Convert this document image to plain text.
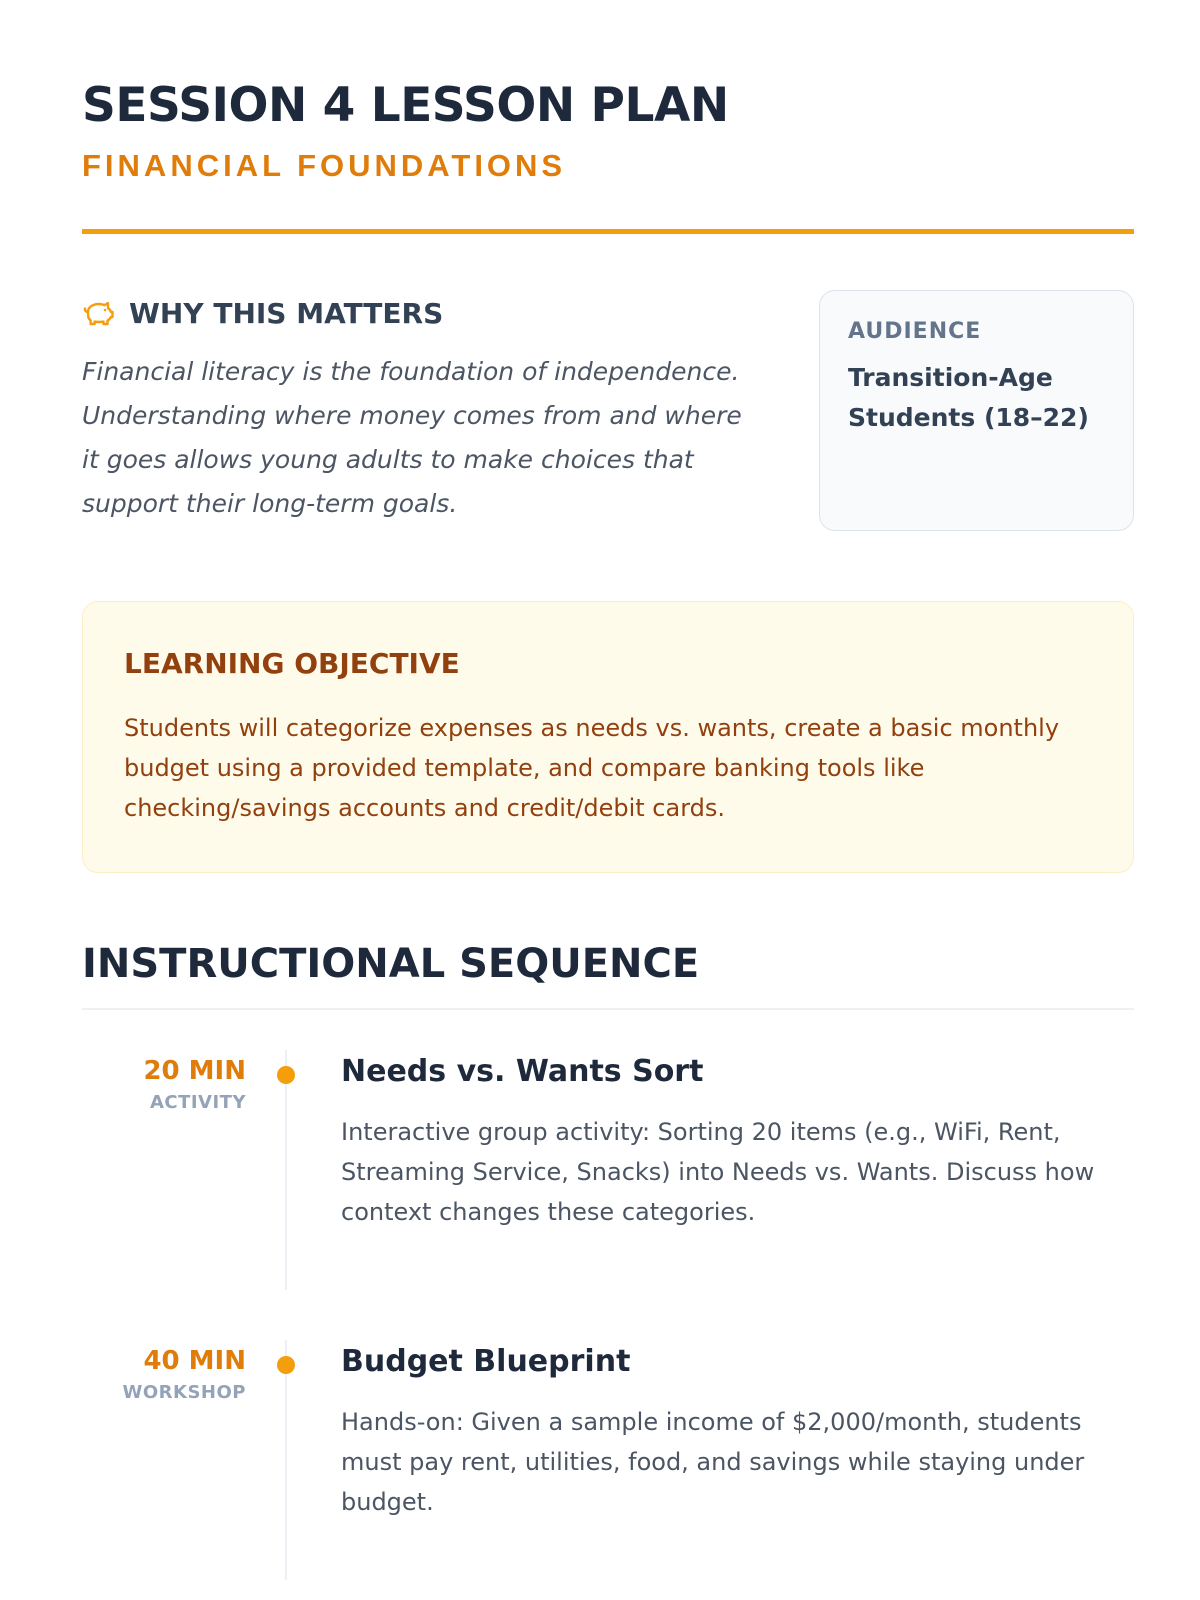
SESSION 4 LESSON PLAN
FINANCIAL FOUNDATIONS
WHY THIS MATTERS
Financial literacy is the foundation of independence. Understanding where money comes from and where it goes allows young adults to make choices that support their long-term goals.
AUDIENCE
Transition-Age Students (18–22)
LEARNING OBJECTIVE
Students will categorize expenses as needs vs. wants, create a basic monthly budget using a provided template, and compare banking tools like checking/savings accounts and credit/debit cards.
INSTRUCTIONAL SEQUENCE
20 MIN
ACTIVITY
Needs vs. Wants Sort
Interactive group activity: Sorting 20 items (e.g., WiFi, Rent, Streaming Service, Snacks) into Needs vs. Wants. Discuss how context changes these categories.
40 MIN
WORKSHOP
Budget Blueprint
Hands-on: Given a sample income of $2,000/month, students must pay rent, utilities, food, and savings while staying under budget.
